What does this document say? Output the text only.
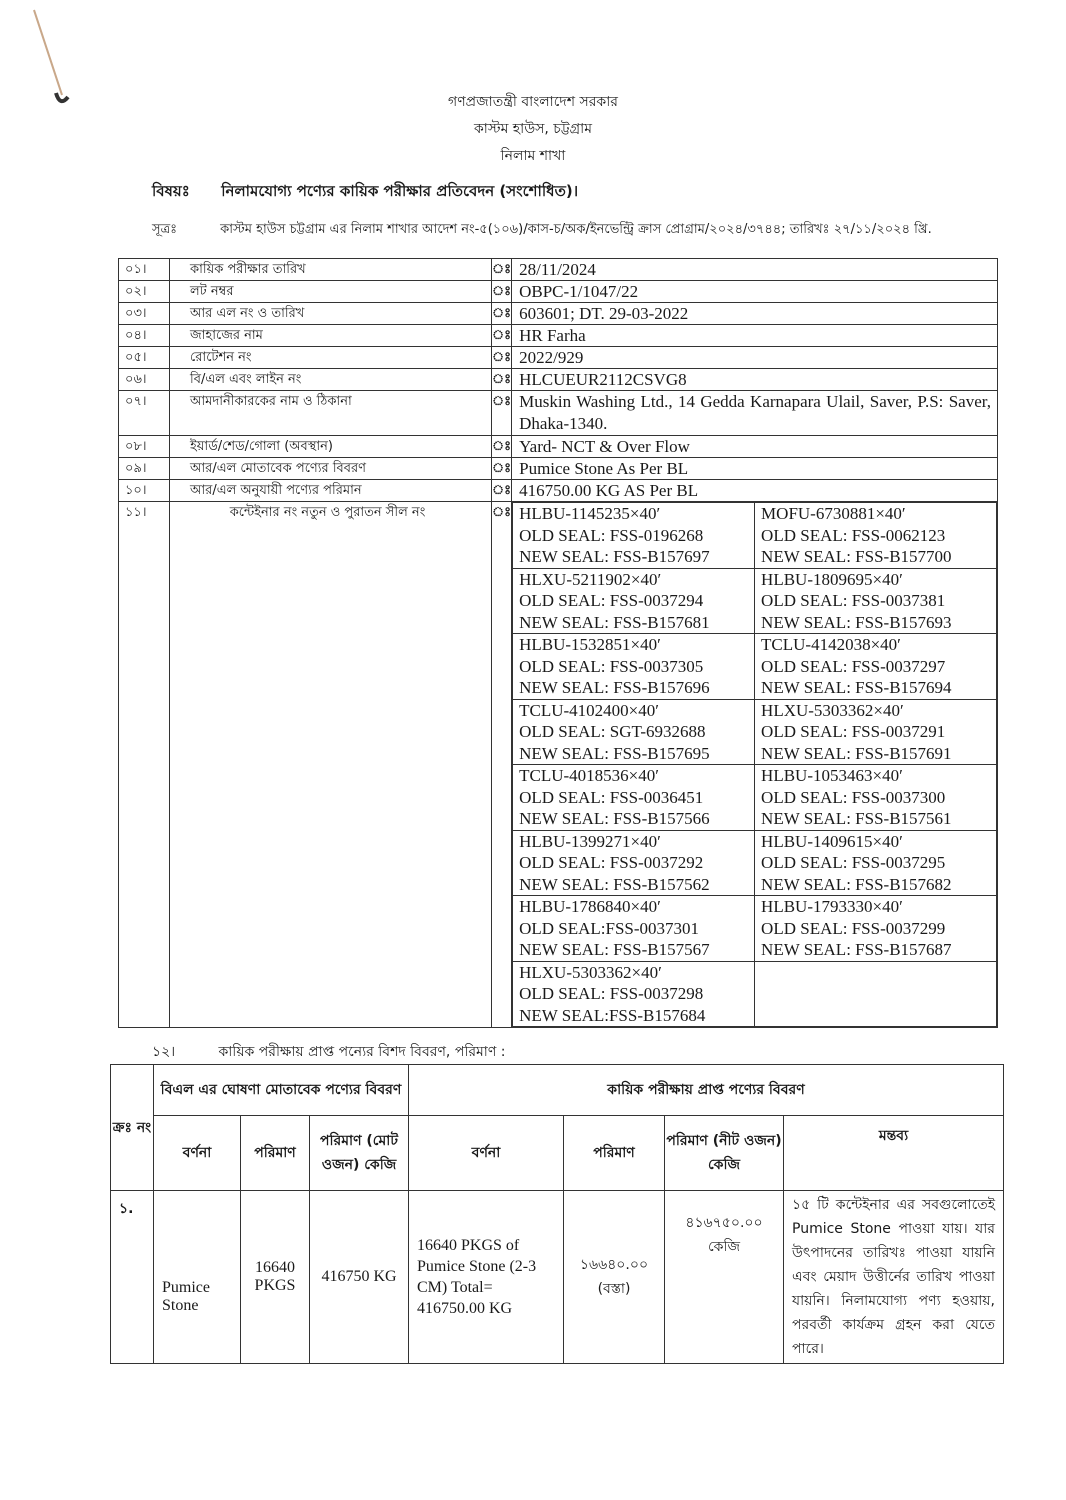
গণপ্রজাতন্ত্রী বাংলাদেশ সরকার
কাস্টম হাউস, চট্টগ্রাম
নিলাম শাখা
বিষয়ঃ নিলামযোগ্য পণ্যের কায়িক পরীক্ষার প্রতিবেদন (সংশোধিত)।
সূত্রঃ	কাস্টম হাউস চট্টগ্রাম এর নিলাম শাখার আদেশ নং-৫(১০৬)/কাস-চ/অক/ইনভেন্ট্রি ক্রাস প্রোগ্রাম/২০২৪/৩৭৪৪; তারিখঃ ২৭/১১/২০২৪ খ্রি.
০১।	কায়িক পরীক্ষার তারিখ	ঃ	28/11/2024
০২।	লট নম্বর	ঃ	OBPC-1/1047/22
০৩।	আর এল নং ও তারিখ	ঃ	603601; DT. 29-03-2022
০৪।	জাহাজের নাম	ঃ	HR Farha
০৫।	রোটেশন নং	ঃ	2022/929
০৬।	বি/এল এবং লাইন নং	ঃ	HLCUEUR2112CSVG8
০৭।	আমদানীকারকের নাম ও ঠিকানা	ঃ	Muskin Washing Ltd., 14 Gedda Karnapara Ulail, Saver, P.S: Saver, Dhaka-1340.
০৮।	ইয়ার্ড/শেড/গোলা (অবস্থান)	ঃ	Yard- NCT & Over Flow
০৯।	আর/এল মোতাবেক পণ্যের বিবরণ	ঃ	Pumice Stone As Per BL
১০।	আর/এল অনুযায়ী পণ্যের পরিমান	ঃ	416750.00 KG AS Per BL
১১।	কন্টেইনার নং নতুন ও পুরাতন সীল নং	ঃ	HLBU-1145235×40′
OLD SEAL: FSS-0196268
NEW SEAL: FSS-B157697

MOFU-6730881×40′
OLD SEAL: FSS-0062123
NEW SEAL: FSS-B157700

HLXU-5211902×40′
OLD SEAL: FSS-0037294
NEW SEAL: FSS-B157681

HLBU-1809695×40′
OLD SEAL: FSS-0037381
NEW SEAL: FSS-B157693

HLBU-1532851×40′
OLD SEAL: FSS-0037305
NEW SEAL: FSS-B157696

TCLU-4142038×40′
OLD SEAL: FSS-0037297
NEW SEAL: FSS-B157694

TCLU-4102400×40′
OLD SEAL: SGT-6932688
NEW SEAL: FSS-B157695

HLXU-5303362×40′
OLD SEAL: FSS-0037291
NEW SEAL: FSS-B157691

TCLU-4018536×40′
OLD SEAL: FSS-0036451
NEW SEAL: FSS-B157566

HLBU-1053463×40′
OLD SEAL: FSS-0037300
NEW SEAL: FSS-B157561

HLBU-1399271×40′
OLD SEAL: FSS-0037292
NEW SEAL: FSS-B157562

HLBU-1409615×40′
OLD SEAL: FSS-0037295
NEW SEAL: FSS-B157682

HLBU-1786840×40′
OLD SEAL:FSS-0037301
NEW SEAL: FSS-B157567

HLBU-1793330×40′
OLD SEAL: FSS-0037299
NEW SEAL: FSS-B157687

HLXU-5303362×40′
OLD SEAL: FSS-0037298
NEW SEAL:FSS-B157684

১২।	কায়িক পরীক্ষায় প্রাপ্ত পন্যের বিশদ বিবরণ, পরিমাণ :
ক্রঃ নং	বিএল এর ঘোষণা মোতাবেক পণ্যের বিবরণ			কায়িক পরীক্ষায় প্রাপ্ত পণ্যের বিবরণ			
	বর্ণনা	পরিমাণ	পরিমাণ (মোট ওজন) কেজি	বর্ণনা	পরিমাণ	পরিমাণ (নীট ওজন) কেজি	মন্তব্য
১.	Pumice Stone	16640 PKGS	416750 KG	16640 PKGS of Pumice Stone (2-3 CM) Total= 416750.00 KG	১৬৬৪০.০০ (বস্তা)	৪১৬৭৫০.০০ কেজি	১৫ টি কন্টেইনার এর সবগুলোতেই Pumice Stone পাওয়া যায়। যার উৎপাদনের তারিখঃ পাওয়া যায়নি এবং মেয়াদ উত্তীর্নের তারিখ পাওয়া যায়নি। নিলামযোগ্য পণ্য হওয়ায়, পরবর্তী কার্যক্রম গ্রহন করা যেতে পারে।
